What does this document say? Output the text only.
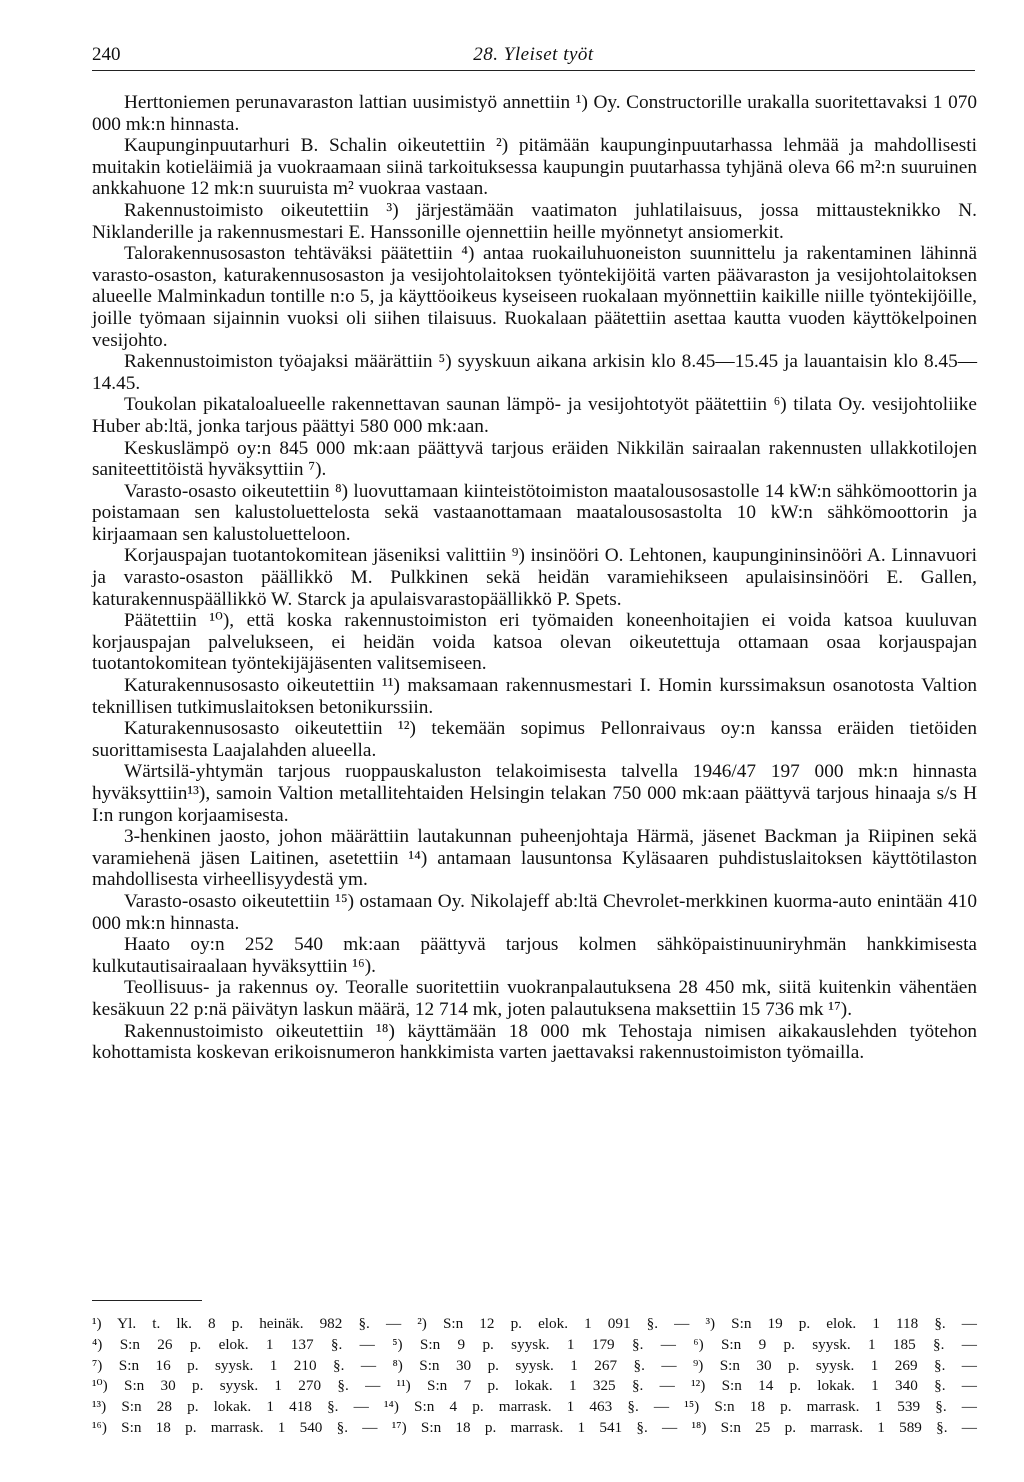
240	28. Yleiset työt

Herttoniemen perunavaraston lattian uusimistyö annettiin ¹) Oy. Constructorille urakalla suoritettavaksi 1 070 000 mk:n hinnasta.

Kaupunginpuutarhuri B. Schalin oikeutettiin ²) pitämään kaupunginpuutarhassa lehmää ja mahdollisesti muitakin kotieläimiä ja vuokraamaan siinä tarkoituksessa kaupungin puutarhassa tyhjänä oleva 66 m²:n suuruinen ankkahuone 12 mk:n suuruista m² vuokraa vastaan.

Rakennustoimisto oikeutettiin ³) järjestämään vaatimaton juhlatilaisuus, jossa mittausteknikko N. Niklanderille ja rakennusmestari E. Hanssonille ojennettiin heille myönnetyt ansiomerkit.

Talorakennusosaston tehtäväksi päätettiin ⁴) antaa ruokailuhuoneiston suunnittelu ja rakentaminen lähinnä varasto-osaston, katurakennusosaston ja vesijohtolaitoksen työntekijöitä varten päävaraston ja vesijohtolaitoksen alueelle Malminkadun tontille n:o 5, ja käyttöoikeus kyseiseen ruokalaan myönnettiin kaikille niille työntekijöille, joille työmaan sijainnin vuoksi oli siihen tilaisuus. Ruokalaan päätettiin asettaa kautta vuoden käyttökelpoinen vesijohto.

Rakennustoimiston työajaksi määrättiin ⁵) syyskuun aikana arkisin klo 8.45—15.45 ja lauantaisin klo 8.45—14.45.

Toukolan pikataloalueelle rakennettavan saunan lämpö- ja vesijohtotyöt päätettiin ⁶) tilata Oy. vesijohtoliike Huber ab:ltä, jonka tarjous päättyi 580 000 mk:aan.

Keskuslämpö oy:n 845 000 mk:aan päättyvä tarjous eräiden Nikkilän sairaalan rakennusten ullakkotilojen saniteettitöistä hyväksyttiin ⁷).

Varasto-osasto oikeutettiin ⁸) luovuttamaan kiinteistötoimiston maatalousosastolle 14 kW:n sähkömoottorin ja poistamaan sen kalustoluettelosta sekä vastaanottamaan maatalousosastolta 10 kW:n sähkömoottorin ja kirjaamaan sen kalustoluetteloon.

Korjauspajan tuotantokomitean jäseniksi valittiin ⁹) insinööri O. Lehtonen, kaupungininsinööri A. Linnavuori ja varasto-osaston päällikkö M. Pulkkinen sekä heidän varamiehikseen apulaisinsinööri E. Gallen, katurakennuspäällikkö W. Starck ja apulaisvarastopäällikkö P. Spets.

Päätettiin ¹⁰), että koska rakennustoimiston eri työmaiden koneenhoitajien ei voida katsoa kuuluvan korjauspajan palvelukseen, ei heidän voida katsoa olevan oikeutettuja ottamaan osaa korjauspajan tuotantokomitean työntekijäjäsenten valitsemiseen.

Katurakennusosasto oikeutettiin ¹¹) maksamaan rakennusmestari I. Homin kurssimaksun osanotosta Valtion teknillisen tutkimuslaitoksen betonikurssiin.

Katurakennusosasto oikeutettiin ¹²) tekemään sopimus Pellonraivaus oy:n kanssa eräiden tietöiden suorittamisesta Laajalahden alueella.

Wärtsilä-yhtymän tarjous ruoppauskaluston telakoimisesta talvella 1946/47 197 000 mk:n hinnasta hyväksyttiin¹³), samoin Valtion metallitehtaiden Helsingin telakan 750 000 mk:aan päättyvä tarjous hinaaja s/s H I:n rungon korjaamisesta.

3-henkinen jaosto, johon määrättiin lautakunnan puheenjohtaja Härmä, jäsenet Backman ja Riipinen sekä varamiehenä jäsen Laitinen, asetettiin ¹⁴) antamaan lausuntonsa Kyläsaaren puhdistuslaitoksen käyttötilaston mahdollisesta virheellisyydestä ym.

Varasto-osasto oikeutettiin ¹⁵) ostamaan Oy. Nikolajeff ab:ltä Chevrolet-merkkinen kuorma-auto enintään 410 000 mk:n hinnasta.

Haato oy:n 252 540 mk:aan päättyvä tarjous kolmen sähköpaistinuuniryhmän hankkimisesta kulkutautisairaalaan hyväksyttiin ¹⁶).

Teollisuus- ja rakennus oy. Teoralle suoritettiin vuokranpalautuksena 28 450 mk, siitä kuitenkin vähentäen kesäkuun 22 p:nä päivätyn laskun määrä, 12 714 mk, joten palautuksena maksettiin 15 736 mk ¹⁷).

Rakennustoimisto oikeutettiin ¹⁸) käyttämään 18 000 mk Tehostaja nimisen aikakauslehden työtehon kohottamista koskevan erikoisnumeron hankkimista varten jaettavaksi rakennustoimiston työmailla.

¹) Yl. t. lk. 8 p. heinäk. 982 §. — ²) S:n 12 p. elok. 1 091 §. — ³) S:n 19 p. elok. 1 118 §. —
⁴) S:n 26 p. elok. 1 137 §. — ⁵) S:n 9 p. syysk. 1 179 §. — ⁶) S:n 9 p. syysk. 1 185 §. —
⁷) S:n 16 p. syysk. 1 210 §. — ⁸) S:n 30 p. syysk. 1 267 §. — ⁹) S:n 30 p. syysk. 1 269 §. —
¹⁰) S:n 30 p. syysk. 1 270 §. — ¹¹) S:n 7 p. lokak. 1 325 §. — ¹²) S:n 14 p. lokak. 1 340 §. —
¹³) S:n 28 p. lokak. 1 418 §. — ¹⁴) S:n 4 p. marrask. 1 463 §. — ¹⁵) S:n 18 p. marrask. 1 539 §. —
¹⁶) S:n 18 p. marrask. 1 540 §. — ¹⁷) S:n 18 p. marrask. 1 541 §. — ¹⁸) S:n 25 p. marrask. 1 589 §. —
